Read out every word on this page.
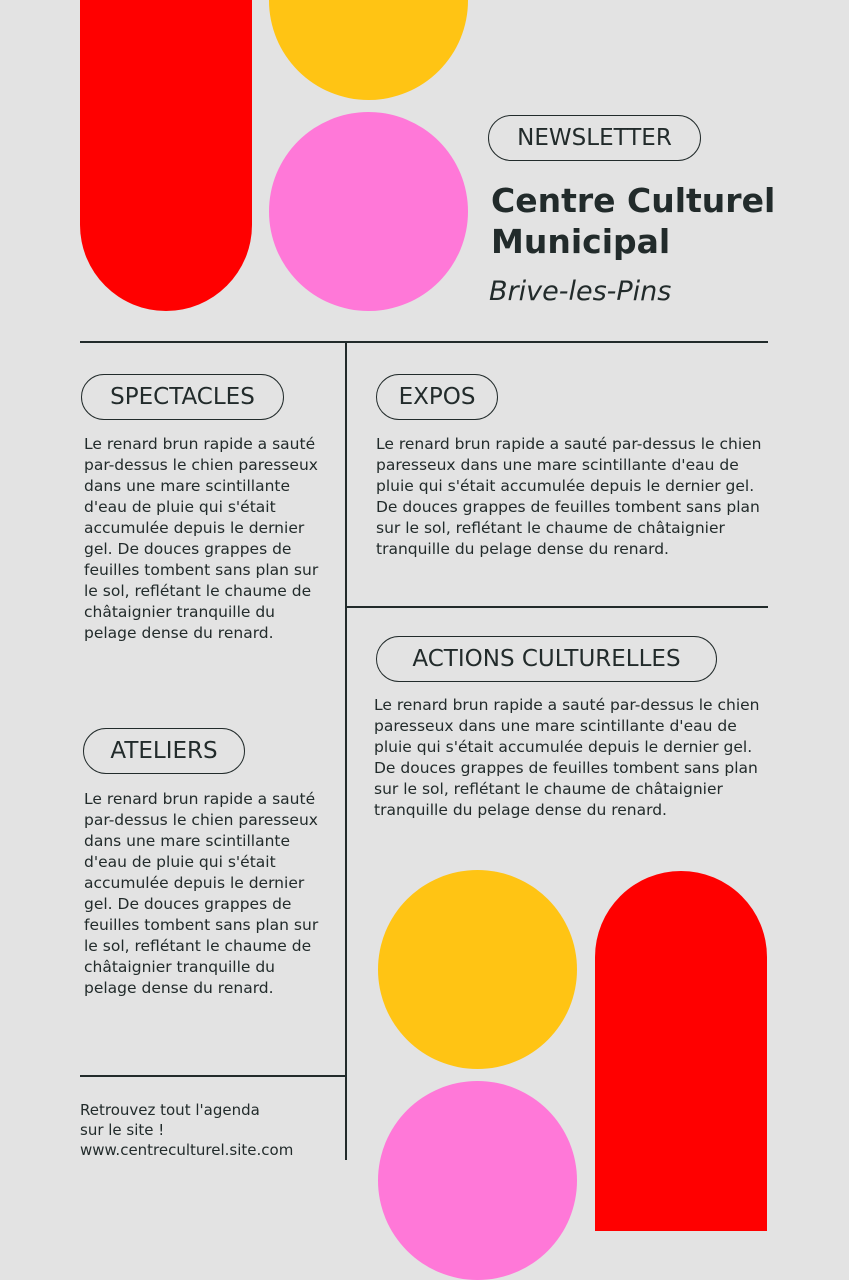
NEWSLETTER
Centre Culturel
Municipal
Brive-les-Pins
SPECTACLES

Le renard brun rapide a sauté par-dessus le chien paresseux dans une mare scintillante d'eau de pluie qui s'était accumulée depuis le dernier gel. De douces grappes de feuilles tombent sans plan sur le sol, reflétant le chaume de châtaignier tranquille du pelage dense du renard.

EXPOS

Le renard brun rapide a sauté par-dessus le chien paresseux dans une mare scintillante d'eau de pluie qui s'était accumulée depuis le dernier gel. De douces grappes de feuilles tombent sans plan sur le sol, reflétant le chaume de châtaignier tranquille du pelage dense du renard.

ATELIERS

Le renard brun rapide a sauté par-dessus le chien paresseux dans une mare scintillante d'eau de pluie qui s'était accumulée depuis le dernier gel. De douces grappes de feuilles tombent sans plan sur le sol, reflétant le chaume de châtaignier tranquille du pelage dense du renard.

ACTIONS CULTURELLES

Le renard brun rapide a sauté par-dessus le chien paresseux dans une mare scintillante d'eau de pluie qui s'était accumulée depuis le dernier gel. De douces grappes de feuilles tombent sans plan sur le sol, reflétant le chaume de châtaignier tranquille du pelage dense du renard.

Retrouvez tout l'agenda
sur le site !
www.centreculturel.site.com
